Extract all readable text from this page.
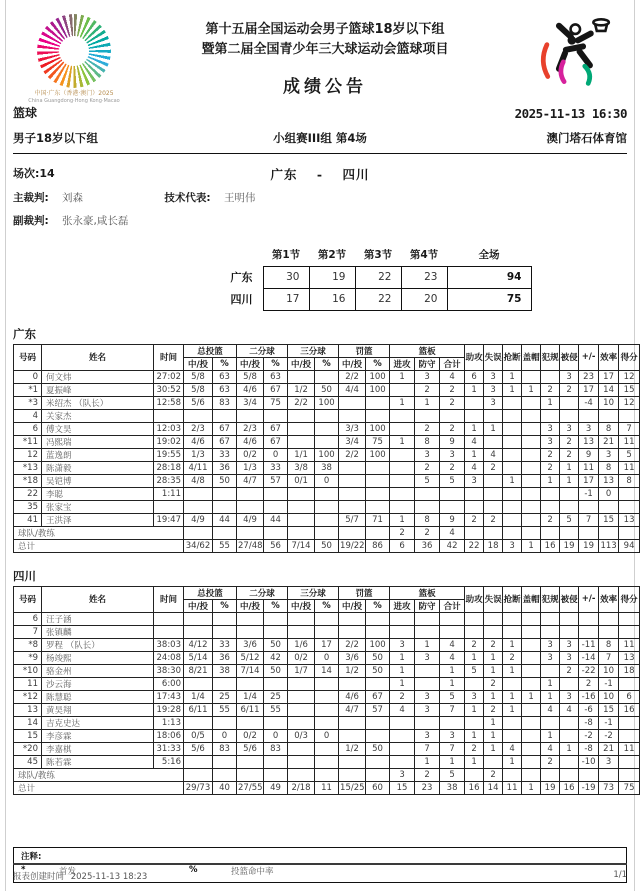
中国·广东（香港·澳门）2025
China Guangdong·Hong Kong·Macao
第十五届全国运动会男子篮球18岁以下组
暨第二届全国青少年三大球运动会篮球项目
成绩公告
篮球	2025-11-13 16:30
男子18岁以下组	小组赛III组 第4场	澳门塔石体育馆
场次:14	广东 - 四川
主裁判: 刘森	技术代表: 王明伟
副裁判: 张永豪,咸长磊
	第1节	第2节	第3节	第4节	全场
广东	30	19	22	23	94
四川	17	16	22	20	75
广东
号码	姓名	时间	总投篮		二分球		三分球		罚篮		篮板			助攻	失误	抢断	盖帽	犯规	被侵	+/-	效率	得分
			中/投	%	中/投	%	中/投	%	中/投	%	进攻	防守	合计									
0	何文炜	27:02	5/8	63	5/8	63			2/2	100	1	3	4	6	3	1			3	23	17	12
*1	夏振峰	30:52	5/8	63	4/6	67	1/2	50	4/4	100		2	2	1	3	1	1	2	2	17	14	15
*3	米绍杰 （队长）	12:58	5/6	83	3/4	75	2/2	100			1	1	2		3			1		-4	10	12
4	关家杰																					
6	傅文昊	12:03	2/3	67	2/3	67			3/3	100		2	2	1	1			3	3	3	8	7
*11	冯熙瑞	19:02	4/6	67	4/6	67			3/4	75	1	8	9	4				3	2	13	21	11
12	蓝逸朗	19:55	1/3	33	0/2	0	1/1	100	2/2	100		3	3	1	4			2	2	9	3	5
*13	陈潇毅	28:18	4/11	36	1/3	33	3/8	38				2	2	4	2			2	1	11	8	11
*18	吴铠博	28:35	4/8	50	4/7	57	0/1	0				5	5	3		1		1	1	17	13	8
22	李聪	1:11																		-1	0	
35	张家宝																					
41	王洪泽	19:47	4/9	44	4/9	44			5/7	71	1	8	9	2	2			2	5	7	15	13
球队/教练											2	2	4									
总计			34/62	55	27/48	56	7/14	50	19/22	86	6	36	42	22	18	3	1	16	19	19	113	94
四川
号码	姓名	时间	总投篮		二分球		三分球		罚篮		篮板			助攻	失误	抢断	盖帽	犯规	被侵	+/-	效率	得分
			中/投	%	中/投	%	中/投	%	中/投	%	进攻	防守	合计									
6	汪子涵																					
7	张镇麟																					
*8	罗程 （队长）	38:03	4/12	33	3/6	50	1/6	17	2/2	100	3	1	4	2	2	1		3	3	-11	8	11
*9	杨竣熙	24:08	5/14	36	5/12	42	0/2	0	3/6	50	1	3	4	1	1	2		3	3	-14	7	13
*10	骆金州	38:30	8/21	38	7/14	50	1/7	14	1/2	50	1		1	5	1	1			2	-22	10	18
11	沙云海	6:00									1		1		2			1		2	-1	
*12	陈慧聪	17:43	1/4	25	1/4	25			4/6	67	2	3	5	3	1	1	1	1	3	-16	10	6
13	黄昊翔	19:28	6/11	55	6/11	55			4/7	57	4	3	7	1	2	1		4	4	-6	15	16
14	吉克史达	1:13													1					-8	-1	
15	李彦霖	18:06	0/5	0	0/2	0	0/3	0				3	3	1	1			1		-2	-2	
*20	李嘉棋	31:33	5/6	83	5/6	83			1/2	50		7	7	2	1	4		4	1	-8	21	11
45	陈若霖	5:16										1	1	1		1		2		-10	3	
球队/教练											3	2	5		2							
总计			29/73	40	27/55	49	2/18	11	15/25	60	15	23	38	16	14	11	1	19	16	-19	73	75
注释:
*	首发	%	投篮命中率
报表创建时间 2025-11-13 18:23	1/1
